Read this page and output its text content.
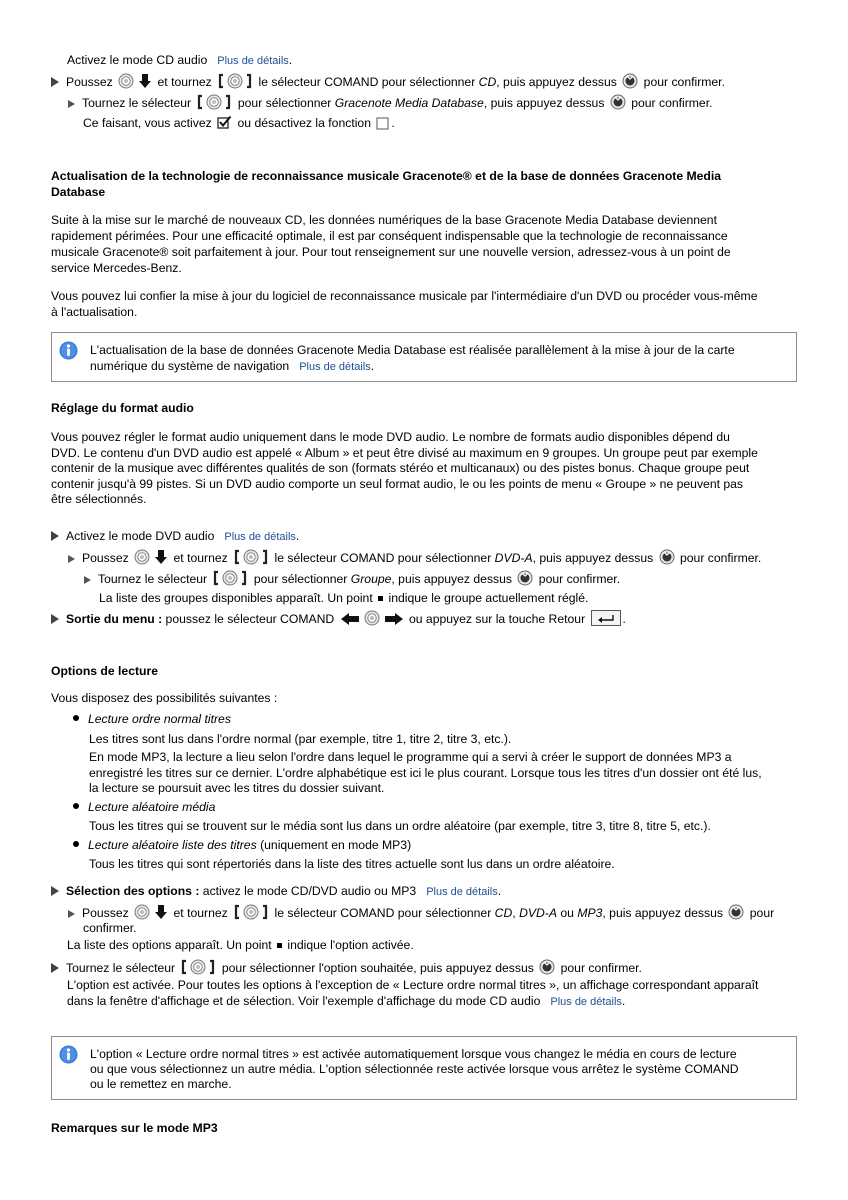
Activez le mode CD audio Plus de détails.
Poussez	et tournez	le sélecteur COMAND pour sélectionner CD, puis appuyez dessus pour confirmer.
Tournez le sélecteur	pour sélectionner Gracenote Media Database, puis appuyez dessus pour confirmer.
Ce faisant, vous activez ou désactivez la fonction .
Actualisation de la technologie de reconnaissance musicale Gracenote® et de la base de données Gracenote Media
Database
Suite à la mise sur le marché de nouveaux CD, les données numériques de la base Gracenote Media Database deviennent
rapidement périmées. Pour une efficacité optimale, il est par conséquent indispensable que la technologie de reconnaissance
musicale Gracenote® soit parfaitement à jour. Pour tout renseignement sur une nouvelle version, adressez-vous à un point de
service Mercedes-Benz.
Vous pouvez lui confier la mise à jour du logiciel de reconnaissance musicale par l'intermédiaire d'un DVD ou procéder vous-même
à l'actualisation.
L'actualisation de la base de données Gracenote Media Database est réalisée parallèlement à la mise à jour de la carte
numérique du système de navigation Plus de détails.
Réglage du format audio
Vous pouvez régler le format audio uniquement dans le mode DVD audio. Le nombre de formats audio disponibles dépend du
DVD. Le contenu d'un DVD audio est appelé « Album » et peut être divisé au maximum en 9 groupes. Un groupe peut par exemple
contenir de la musique avec différentes qualités de son (formats stéréo et multicanaux) ou des pistes bonus. Chaque groupe peut
contenir jusqu'à 99 pistes. Si un DVD audio comporte un seul format audio, le ou les points de menu « Groupe » ne peuvent pas
être sélectionnés.
Activez le mode DVD audio Plus de détails.
Poussez	et tournez	le sélecteur COMAND pour sélectionner DVD-A, puis appuyez dessus pour confirmer.
Tournez le sélecteur	pour sélectionner Groupe, puis appuyez dessus pour confirmer.
La liste des groupes disponibles apparaît. Un point indique le groupe actuellement réglé.
Sortie du menu : poussez le sélecteur COMAND	ou appuyez sur la touche Retour	.
Options de lecture
Vous disposez des possibilités suivantes :
Lecture ordre normal titres
Les titres sont lus dans l'ordre normal (par exemple, titre 1, titre 2, titre 3, etc.).
En mode MP3, la lecture a lieu selon l'ordre dans lequel le programme qui a servi à créer le support de données MP3 a
enregistré les titres sur ce dernier. L'ordre alphabétique est ici le plus courant. Lorsque tous les titres d'un dossier ont été lus,
la lecture se poursuit avec les titres du dossier suivant.
Lecture aléatoire média
Tous les titres qui se trouvent sur le média sont lus dans un ordre aléatoire (par exemple, titre 3, titre 8, titre 5, etc.).
Lecture aléatoire liste des titres (uniquement en mode MP3)
Tous les titres qui sont répertoriés dans la liste des titres actuelle sont lus dans un ordre aléatoire.
Sélection des options : activez le mode CD/DVD audio ou MP3 Plus de détails.
Poussez	et tournez	le sélecteur COMAND pour sélectionner CD, DVD-A ou MP3, puis appuyez dessus pour
confirmer.
La liste des options apparaît. Un point indique l'option activée.
Tournez le sélecteur	pour sélectionner l'option souhaitée, puis appuyez dessus pour confirmer.
L'option est activée. Pour toutes les options à l'exception de « Lecture ordre normal titres », un affichage correspondant apparaît
dans la fenêtre d'affichage et de sélection. Voir l'exemple d'affichage du mode CD audio Plus de détails.
L'option « Lecture ordre normal titres » est activée automatiquement lorsque vous changez le média en cours de lecture
ou que vous sélectionnez un autre média. L'option sélectionnée reste activée lorsque vous arrêtez le système COMAND
ou le remettez en marche.
Remarques sur le mode MP3
